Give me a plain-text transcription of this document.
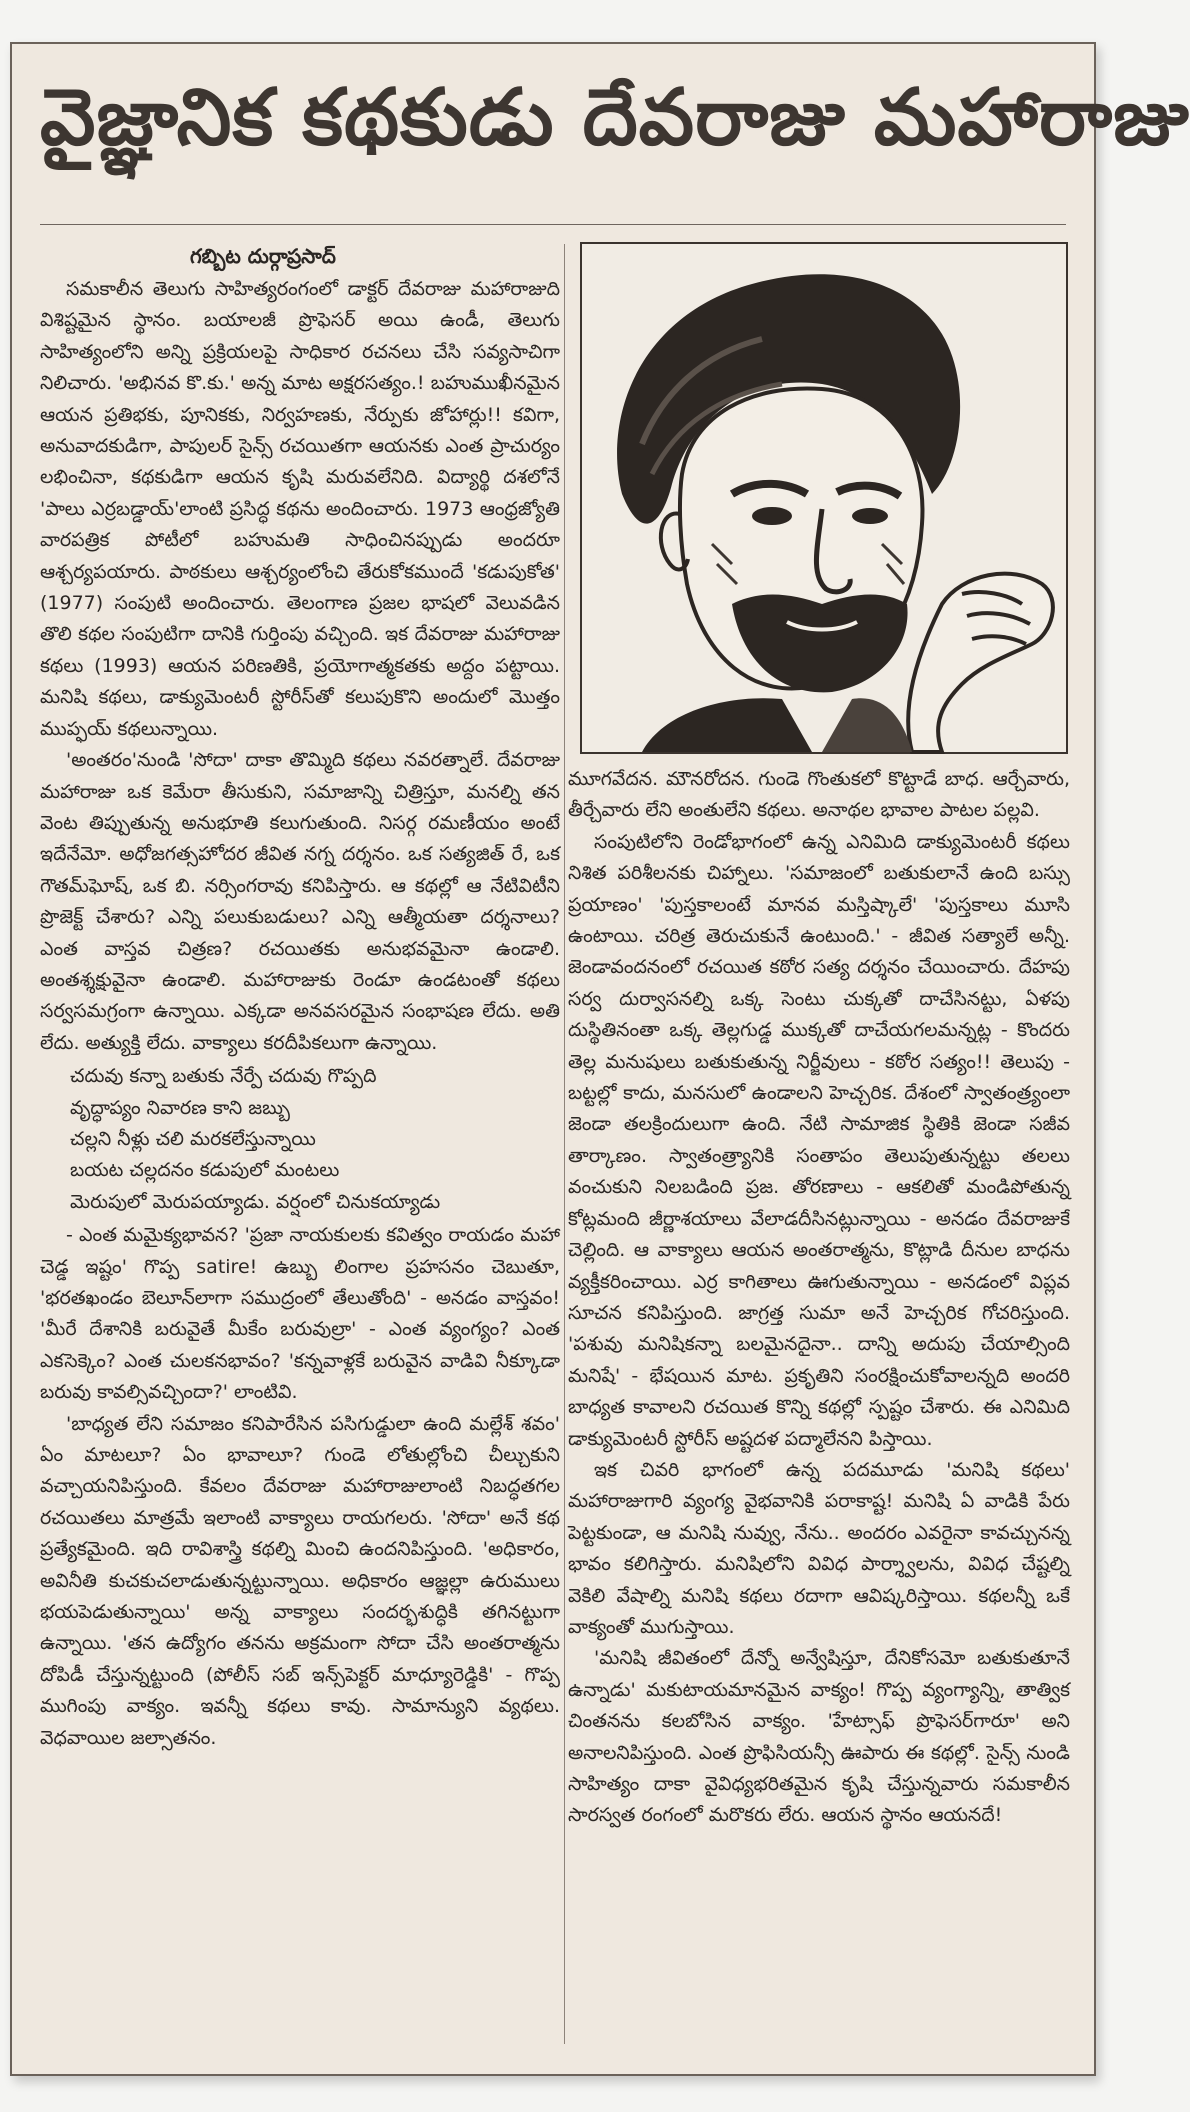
వైజ్ఞానిక కథకుడు దేవరాజు మహారాజు
గబ్బిట దుర్గాప్రసాద్

సమకాలీన తెలుగు సాహిత్యరంగంలో డాక్టర్ దేవరాజు మహారాజుది విశిష్టమైన స్థానం. బయాలజీ ప్రొఫెసర్ అయి ఉండీ, తెలుగు సాహిత్యంలోని అన్ని ప్రక్రియలపై సాధికార రచనలు చేసి సవ్యసాచిగా నిలిచారు. 'అభినవ కొ.కు.' అన్న మాట అక్షరసత్యం.! బహుముఖీనమైన ఆయన ప్రతిభకు, పూనికకు, నిర్వహణకు, నేర్పుకు జోహార్లు!! కవిగా, అనువాదకుడిగా, పాపులర్ సైన్స్ రచయితగా ఆయనకు ఎంత ప్రాచుర్యం లభించినా, కథకుడిగా ఆయన కృషి మరువలేనిది. విద్యార్థి దశలోనే 'పాలు ఎర్రబడ్డాయ్'లాంటి ప్రసిద్ధ కథను అందించారు. 1973 ఆంధ్రజ్యోతి వారపత్రిక పోటీలో బహుమతి సాధించినప్పుడు అందరూ ఆశ్చర్యపయారు. పాఠకులు ఆశ్చర్యంలోంచి తేరుకోకముందే 'కడుపుకోత' (1977) సంపుటి అందించారు. తెలంగాణ ప్రజల భాషలో వెలువడిన తొలి కథల సంపుటిగా దానికి గుర్తింపు వచ్చింది. ఇక దేవరాజు మహారాజు కథలు (1993) ఆయన పరిణతికి, ప్రయోగాత్మకతకు అద్దం పట్టాయి. మనిషి కథలు, డాక్యుమెంటరీ స్టోరీస్‌తో కలుపుకొని అందులో మొత్తం ముప్ఫయ్ కథలున్నాయి.

'అంతరం'నుండి 'సోదా' దాకా తొమ్మిది కథలు నవరత్నాలే. దేవరాజు మహారాజు ఒక కెమేరా తీసుకుని, సమాజాన్ని చిత్రిస్తూ, మనల్ని తన వెంట తిప్పుతున్న అనుభూతి కలుగుతుంది. నిసర్గ రమణీయం అంటే ఇదేనేమో. అధోజగత్సహోదర జీవిత నగ్న దర్శనం. ఒక సత్యజిత్ రే, ఒక గౌతమ్‌ఘోష్, ఒక బి. నర్సింగరావు కనిపిస్తారు. ఆ కథల్లో ఆ నేటివిటీని ప్రొజెక్ట్ చేశారు? ఎన్ని పలుకుబడులు? ఎన్ని ఆత్మీయతా దర్శనాలు? ఎంత వాస్తవ చిత్రణ? రచయితకు అనుభవమైనా ఉండాలి. అంతశ్శక్షువైనా ఉండాలి. మహారాజుకు రెండూ ఉండటంతో కథలు సర్వసమగ్రంగా ఉన్నాయి. ఎక్కడా అనవసరమైన సంభాషణ లేదు. అతి లేదు. అత్యుక్తి లేదు. వాక్యాలు కరదీపికలుగా ఉన్నాయి.

చదువు కన్నా బతుకు నేర్పే చదువు గొప్పది
వృద్ధాప్యం నివారణ కాని జబ్బు
చల్లని నీళ్లు చలి మరకలేస్తున్నాయి
బయట చల్లదనం కడుపులో మంటలు
మెరుపులో మెరుపయ్యాడు. వర్షంలో చినుకయ్యాడు

- ఎంత మమైక్యభావన? 'ప్రజా నాయకులకు కవిత్వం రాయడం మహా చెడ్డ ఇష్టం' గొప్ప satire! ఉబ్బు లింగాల ప్రహసనం చెబుతూ, 'భరతఖండం బెలూన్‌లాగా సముద్రంలో తేలుతోంది' - అనడం వాస్తవం! 'మీరే దేశానికి బరువైతే మీకేం బరువుల్రా' - ఎంత వ్యంగ్యం? ఎంత ఎకసెక్కెం? ఎంత చులకనభావం? 'కన్నవాళ్లకే బరువైన వాడివి నీక్కూడా బరువు కావల్సివచ్చిందా?' లాంటివి.

'బాధ్యత లేని సమాజం కనిపారేసిన పసిగుడ్డులా ఉంది మల్లేశ్ శవం' ఏం మాటలూ? ఏం భావాలూ? గుండె లోతుల్లోంచి చీల్చుకుని వచ్చాయనిపిస్తుంది. కేవలం దేవరాజు మహారాజులాంటి నిబద్ధతగల రచయితలు మాత్రమే ఇలాంటి వాక్యాలు రాయగలరు. 'సోదా' అనే కథ ప్రత్యేకమైంది. ఇది రావిశాస్త్రి కథల్ని మించి ఉందనిపిస్తుంది. 'అధికారం, అవినీతి కుచకుచలాడుతున్నట్టున్నాయి. అధికారం ఆజ్ఞల్లా ఉరుములు భయపెడుతున్నాయి' అన్న వాక్యాలు సందర్భశుద్ధికి తగినట్టుగా ఉన్నాయి. 'తన ఉద్యోగం తనను అక్రమంగా సోదా చేసి అంతరాత్మను దోపిడీ చేస్తున్నట్టుంది (పోలీస్ సబ్ ఇన్స్‌పెక్టర్ మాధ్యూరెడ్డికి' - గొప్ప ముగింపు వాక్యం. ఇవన్నీ కథలు కావు. సామాన్యుని వ్యథలు. వెధవాయిల జల్సాతనం.

మూగవేదన. మౌనరోదన. గుండె గొంతుకలో కొట్టాడే బాధ. ఆర్చేవారు, తీర్చేవారు లేని అంతులేని కథలు. అనాథల భావాల పాటల పల్లవి.

సంపుటిలోని రెండోభాగంలో ఉన్న ఎనిమిది డాక్యుమెంటరీ కథలు నిశిత పరిశీలనకు చిహ్నాలు. 'సమాజంలో బతుకులానే ఉంది బస్సు ప్రయాణం' 'పుస్తకాలంటే మానవ మస్తిష్కాలే' 'పుస్తకాలు మూసి ఉంటాయి. చరిత్ర తెరుచుకునే ఉంటుంది.' - జీవిత సత్యాలే అన్నీ. జెండావందనంలో రచయిత కఠోర సత్య దర్శనం చేయించారు. దేహపు సర్వ దుర్వాసనల్ని ఒక్క సెంటు చుక్కతో దాచేసినట్టు, ఏళపు దుస్థితినంతా ఒక్క తెల్లగుడ్డ ముక్కతో దాచేయగలమన్నట్ల - కొందరు తెల్ల మనుషులు బతుకుతున్న నిర్జీవులు - కఠోర సత్యం!! తెలుపు - బట్టల్లో కాదు, మనసులో ఉండాలని హెచ్చరిక. దేశంలో స్వాతంత్ర్యంలా జెండా తలక్రిందులుగా ఉంది. నేటి సామాజిక స్థితికి జెండా సజీవ తార్కాణం. స్వాతంత్ర్యానికి సంతాపం తెలుపుతున్నట్టు తలలు వంచుకుని నిలబడింది ప్రజ. తోరణాలు - ఆకలితో మండిపోతున్న కోట్లమంది జీర్ణాశయాలు వేలాడదీసినట్లున్నాయి - అనడం దేవరాజుకే చెల్లింది. ఆ వాక్యాలు ఆయన అంతరాత్మను, కొట్లాడి దీనుల బాధను వ్యక్తీకరించాయి. ఎర్ర కాగితాలు ఊగుతున్నాయి - అనడంలో విప్లవ సూచన కనిపిస్తుంది. జాగ్రత్త సుమా అనే హెచ్చరిక గోచరిస్తుంది. 'పశువు మనిషికన్నా బలమైనదైనా.. దాన్ని అదుపు చేయాల్సింది మనిషే' - భేషయిన మాట. ప్రకృతిని సంరక్షించుకోవాలన్నది అందరి బాధ్యత కావాలని రచయిత కొన్ని కథల్లో స్పష్టం చేశారు. ఈ ఎనిమిది డాక్యుమెంటరీ స్టోరీస్ అష్టదళ పద్మాలేనని పిస్తాయి.

ఇక చివరి భాగంలో ఉన్న పదమూడు 'మనిషి కథలు' మహారాజుగారి వ్యంగ్య వైభవానికి పరాకాష్ట! మనిషి ఏ వాడికి పేరు పెట్టకుండా, ఆ మనిషి నువ్వు, నేను.. అందరం ఎవరైనా కావచ్చునన్న భావం కలిగిస్తారు. మనిషిలోని వివిధ పార్శ్వాలను, వివిధ చేష్టల్ని వెకిలి వేషాల్ని మనిషి కథలు రదాగా ఆవిష్కరిస్తాయి. కథలన్నీ ఒకే వాక్యంతో ముగుస్తాయి.

'మనిషి జీవితంలో దేన్నో అన్వేషిస్తూ, దేనికోసమో బతుకుతూనే ఉన్నాడు' మకుటాయమానమైన వాక్యం! గొప్ప వ్యంగ్యాన్ని, తాత్విక చింతనను కలబోసిన వాక్యం. 'హేట్సాఫ్ ప్రొఫెసర్‌గారూ' అని అనాలనిపిస్తుంది. ఎంత ప్రొఫిసియన్సీ ఊపారు ఈ కథల్లో. సైన్స్ నుండి సాహిత్యం దాకా వైవిధ్యభరితమైన కృషి చేస్తున్నవారు సమకాలీన సారస్వత రంగంలో మరొకరు లేరు. ఆయన స్థానం ఆయనదే!
